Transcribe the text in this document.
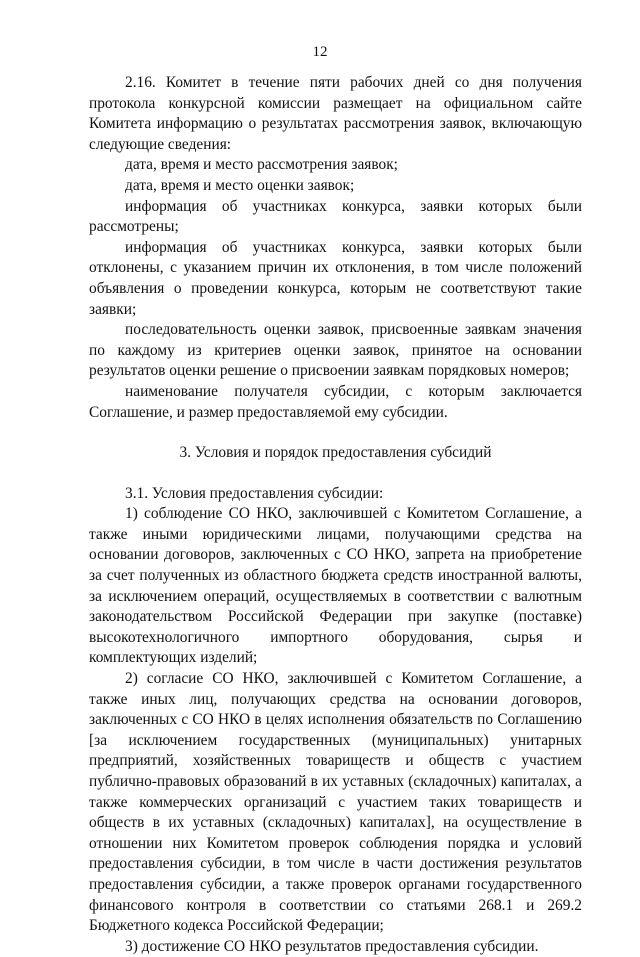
12

2.16. Комитет в течение пяти рабочих дней со дня получения протокола конкурсной комиссии размещает на официальном сайте Комитета информацию о результатах рассмотрения заявок, включающую следующие сведения:

дата, время и место рассмотрения заявок;

дата, время и место оценки заявок;

информация об участниках конкурса, заявки которых были рассмотрены;

информация об участниках конкурса, заявки которых были отклонены, с указанием причин их отклонения, в том числе положений объявления о проведении конкурса, которым не соответствуют такие заявки;

последовательность оценки заявок, присвоенные заявкам значения по каждому из критериев оценки заявок, принятое на основании результатов оценки решение о присвоении заявкам порядковых номеров;

наименование получателя субсидии, с которым заключается Соглашение, и размер предоставляемой ему субсидии.

3. Условия и порядок предоставления субсидий

3.1. Условия предоставления субсидии:

1) соблюдение СО НКО, заключившей с Комитетом Соглашение, а также иными юридическими лицами, получающими средства на основании договоров, заключенных с СО НКО, запрета на приобретение за счет полученных из областного бюджета средств иностранной валюты, за исключением операций, осуществляемых в соответствии с валютным законодательством Российской Федерации при закупке (поставке) высокотехнологичного импортного оборудования, сырья и комплектующих изделий;

2) согласие СО НКО, заключившей с Комитетом Соглашение, а также иных лиц, получающих средства на основании договоров, заключенных с СО НКО в целях исполнения обязательств по Соглашению [за исключением государственных (муниципальных) унитарных предприятий, хозяйственных товариществ и обществ с участием публично-правовых образований в их уставных (складочных) капиталах, а также коммерческих организаций с участием таких товариществ и обществ в их уставных (складочных) капиталах], на осуществление в отношении них Комитетом проверок соблюдения порядка и условий предоставления субсидии, в том числе в части достижения результатов предоставления субсидии, а также проверок органами государственного финансового контроля в соответствии со статьями 268.1 и 269.2 Бюджетного кодекса Российской Федерации;

3) достижение СО НКО результатов предоставления субсидии.
